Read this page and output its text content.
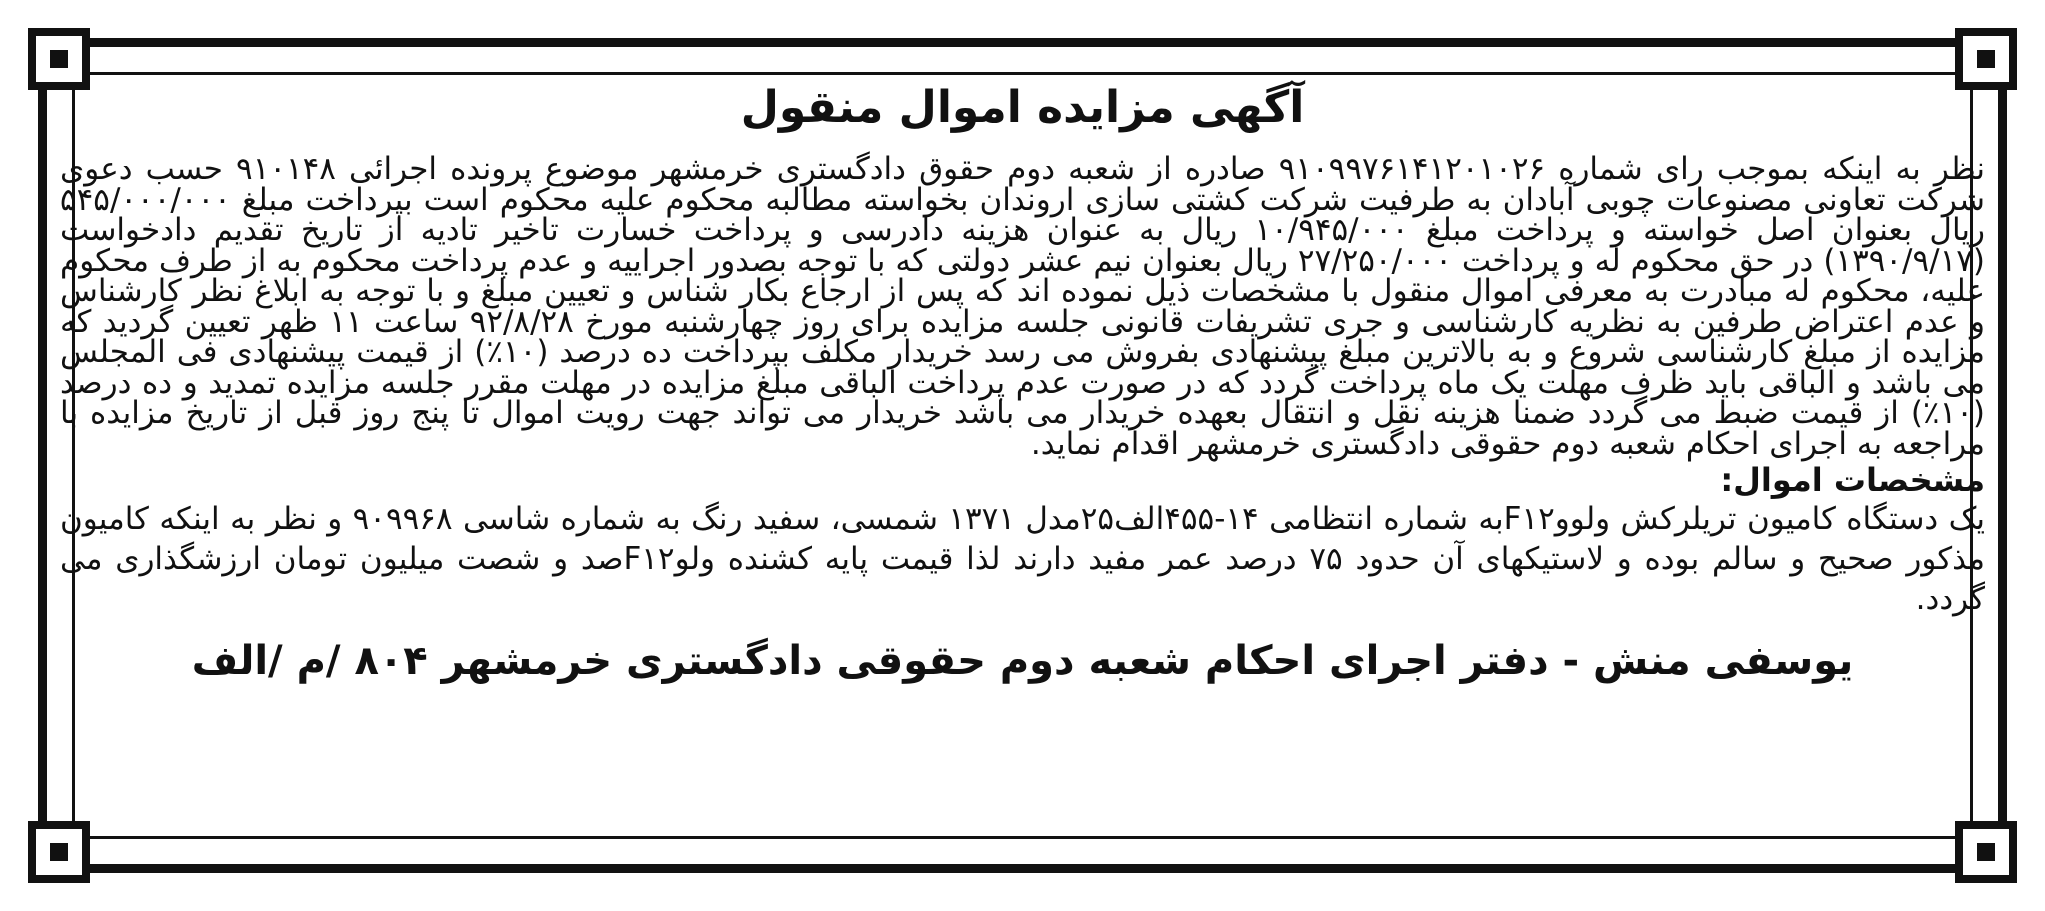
آگهی مزایده اموال منقول

نظر به اینکه بموجب رای شماره ۹۱۰۹۹۷۶۱۴۱۲۰۱۰۲۶ صادره از شعبه دوم حقوق دادگستری خرمشهر موضوع پرونده اجرائی ۹۱۰۱۴۸ حسب دعوی شرکت تعاونی مصنوعات چوبی آبادان به طرفیت شرکت کشتی سازی اروندان بخواسته مطالبه محکوم علیه محکوم است بپرداخت مبلغ ۵۴۵/۰۰۰/۰۰۰ ریال بعنوان اصل خواسته و پرداخت مبلغ ۱۰/۹۴۵/۰۰۰ ریال به عنوان هزینه دادرسی و پرداخت خسارت تاخیر تادیه از تاریخ تقدیم دادخواست (۱۳۹۰/۹/۱۷) در حق محکوم له و پرداخت ۲۷/۲۵۰/۰۰۰ ریال بعنوان نیم عشر دولتی که با توجه بصدور اجراییه و عدم پرداخت محکوم به از طرف محکوم علیه، محکوم له مبادرت به معرفی اموال منقول با مشخصات ذیل نموده اند که پس از ارجاع بکار شناس و تعیین مبلغ و با توجه به ابلاغ نظر کارشناس و عدم اعتراض طرفین به نظریه کارشناسی و جری تشریفات قانونی جلسه مزایده برای روز چهارشنبه مورخ ۹۲/۸/۲۸ ساعت ۱۱ ظهر تعیین گردید که مزایده از مبلغ کارشناسی شروع و به بالاترین مبلغ پیشنهادی بفروش می رسد خریدار مکلف بپرداخت ده درصد (۱۰٪) از قیمت پیشنهادی فی المجلس می باشد و الباقی باید ظرف مهلت یک ماه پرداخت گردد که در صورت عدم پرداخت الباقی مبلغ مزایده در مهلت مقرر جلسه مزایده تمدید و ده درصد (۱۰٪) از قیمت ضبط می گردد ضمنا هزینه نقل و انتقال بعهده خریدار می باشد خریدار می تواند جهت رویت اموال تا پنج روز قبل از تاریخ مزایده با مراجعه به اجرای احکام شعبه دوم حقوقی دادگستری خرمشهر اقدام نماید.

مشخصات اموال:

یک دستگاه کامیون تریلرکش ولووF۱۲به شماره انتظامی ۱۴-۴۵۵الف۲۵مدل ۱۳۷۱ شمسی، سفید رنگ به شماره شاسی ۹۰۹۹۶۸ و نظر به اینکه کامیون مذکور صحیح و سالم بوده و لاستیکهای آن حدود ۷۵ درصد عمر مفید دارند لذا قیمت پایه کشنده ولوF۱۲صد و شصت میلیون تومان ارزشگذاری می گردد.

یوسفی منش - دفتر اجرای احکام شعبه دوم حقوقی دادگستری خرمشهر ۸۰۴ /م /الف
